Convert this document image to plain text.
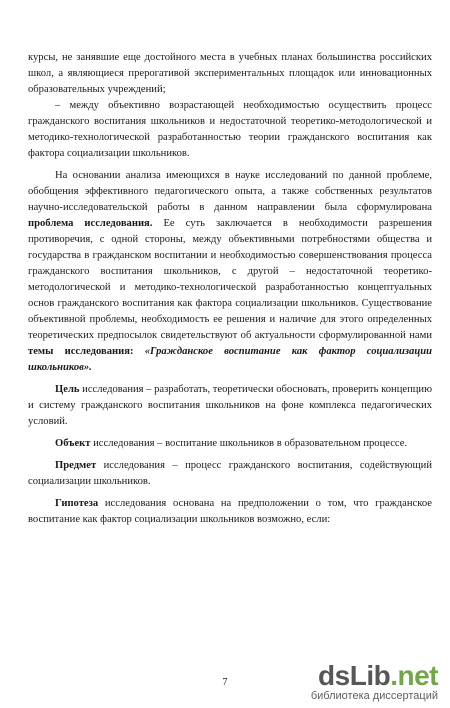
курсы, не занявшие еще достойного места в учебных планах большинства российских школ, а являющиеся прерогативой экспериментальных площадок или инновационных образовательных учреждений;

– между объективно возрастающей необходимостью осуществить процесс гражданского воспитания школьников и недостаточной теоретико-методологической и методико-технологической разработанностью теории гражданского воспитания как фактора социализации школьников.

На основании анализа имеющихся в науке исследований по данной проблеме, обобщения эффективного педагогического опыта, а также собственных результатов научно-исследовательской работы в данном направлении была сформулирована проблема исследования. Ее суть заключается в необходимости разрешения противоречия, с одной стороны, между объективными потребностями общества и государства в гражданском воспитании и необходимостью совершенствования процесса гражданского воспитания школьников, с другой – недостаточной теоретико-методологической и методико-технологической разработанностью концептуальных основ гражданского воспитания как фактора социализации школьников. Существование объективной проблемы, необходимость ее решения и наличие для этого определенных теоретических предпосылок свидетельствуют об актуальности сформулированной нами темы исследования: «Гражданское воспитание как фактор социализации школьников».

Цель исследования – разработать, теоретически обосновать, проверить концепцию и систему гражданского воспитания школьников на фоне комплекса педагогических условий.

Объект исследования – воспитание школьников в образовательном процессе.

Предмет исследования – процесс гражданского воспитания, содействующий социализации школьников.

Гипотеза исследования основана на предположении о том, что гражданское воспитание как фактор социализации школьников возможно, если:

7	dsLib.net
библиотека диссертаций
